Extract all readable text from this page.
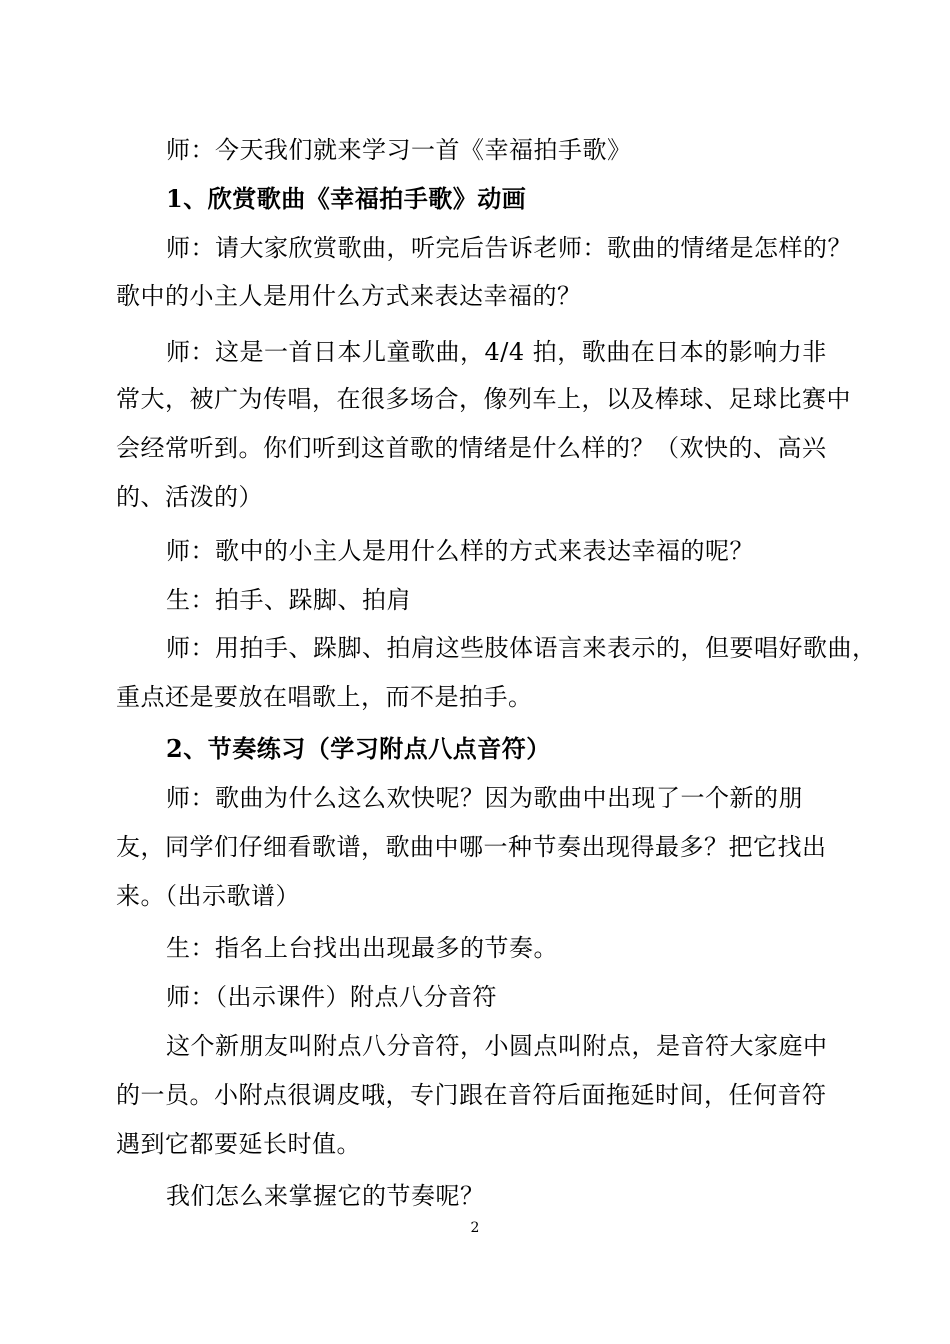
师：今天我们就来学习一首《幸福拍手歌》
1、欣赏歌曲《幸福拍手歌》动画
师：请大家欣赏歌曲，听完后告诉老师：歌曲的情绪是怎样的？
歌中的小主人是用什么方式来表达幸福的？
师：这是一首日本儿童歌曲，4/4 拍，歌曲在日本的影响力非
常大，被广为传唱，在很多场合，像列车上，以及棒球、足球比赛中
会经常听到。你们听到这首歌的情绪是什么样的？（欢快的、高兴
的、活泼的）
师：歌中的小主人是用什么样的方式来表达幸福的呢？
生：拍手、跺脚、拍肩
师：用拍手、跺脚、拍肩这些肢体语言来表示的，但要唱好歌曲，
重点还是要放在唱歌上，而不是拍手。
2、节奏练习（学习附点八点音符）
师：歌曲为什么这么欢快呢？因为歌曲中出现了一个新的朋
友，同学们仔细看歌谱，歌曲中哪一种节奏出现得最多？把它找出
来。（出示歌谱）
生：指名上台找出出现最多的节奏。
师：（出示课件）附点八分音符
这个新朋友叫附点八分音符，小圆点叫附点，是音符大家庭中
的一员。小附点很调皮哦，专门跟在音符后面拖延时间，任何音符
遇到它都要延长时值。
我们怎么来掌握它的节奏呢？
2
